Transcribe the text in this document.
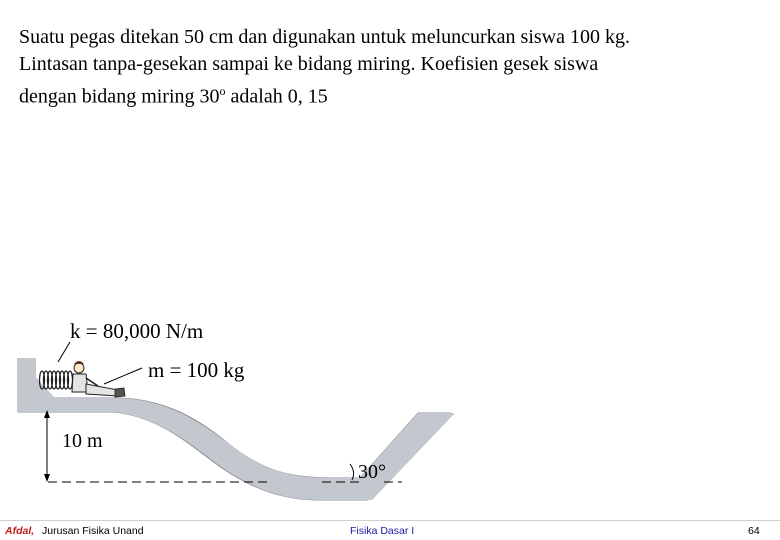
Suatu pegas ditekan 50 cm dan digunakan untuk meluncurkan siswa 100 kg.

Lintasan tanpa-gesekan sampai ke bidang miring. Koefisien gesek siswa

dengan bidang miring 30$^o$ adalah 0, 15

k = 80,000 N/m
m = 100 kg
10 m
30°
Afdal, Jurusan Fisika Unand	Fisika Dasar I	64
